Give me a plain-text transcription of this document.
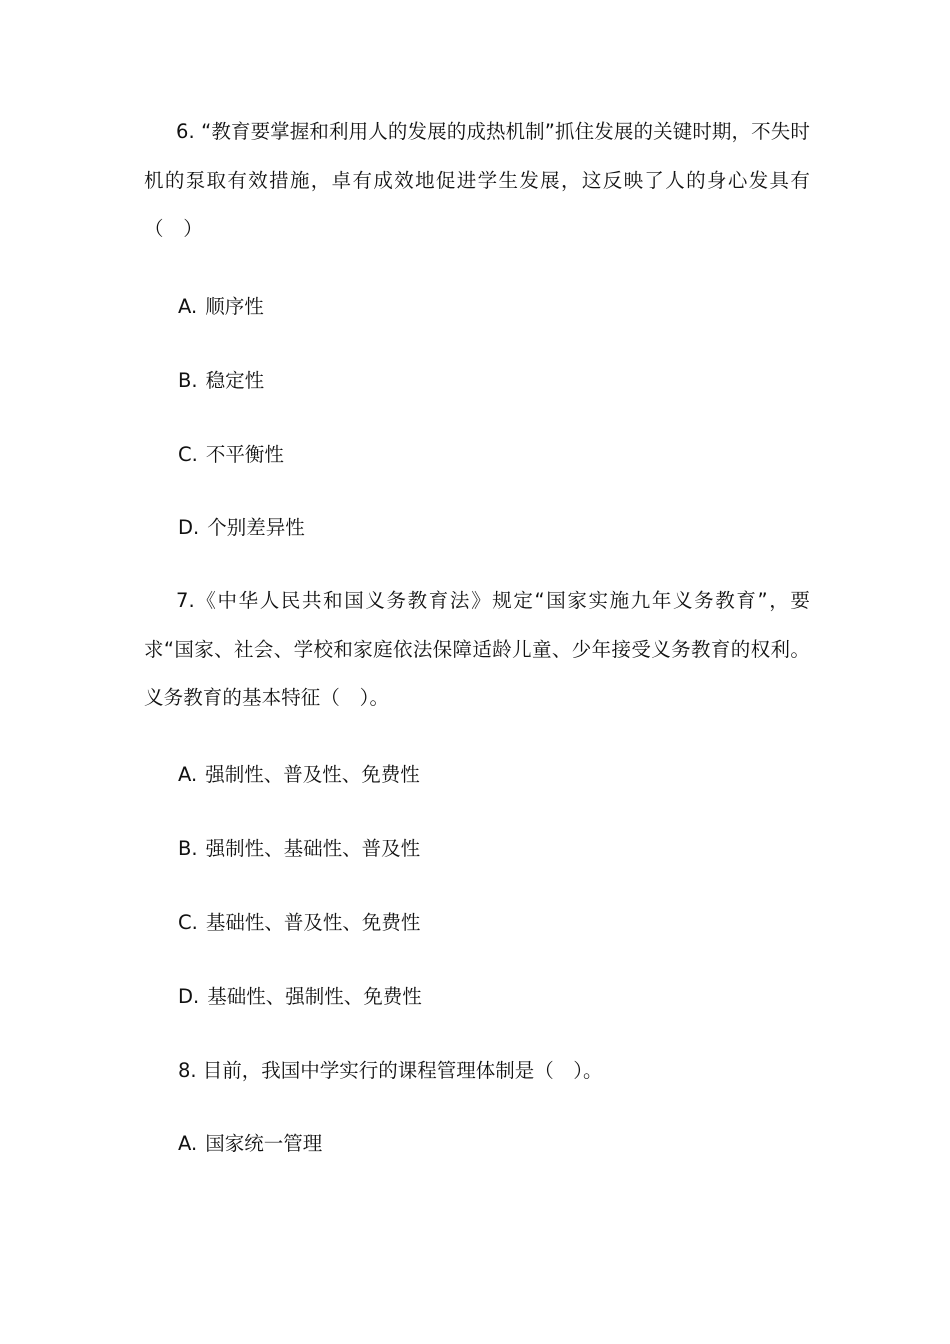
6. “教育要掌握和利用人的发展的成热机制”抓住发展的关键时期，不失时机的泵取有效措施，卓有成效地促进学生发展，这反映了人的身心发具有（　）

A. 顺序性

B. 稳定性

C. 不平衡性

D. 个别差异性

7.《中华人民共和国义务教育法》规定“国家实施九年义务教育”，要求“国家、社会、学校和家庭依法保障适龄儿童、少年接受义务教育的权利。义务教育的基本特征（　）。

A. 强制性、普及性、免费性

B. 强制性、基础性、普及性

C. 基础性、普及性、免费性

D. 基础性、强制性、免费性

8. 目前，我国中学实行的课程管理体制是（　）。

A. 国家统一管理
